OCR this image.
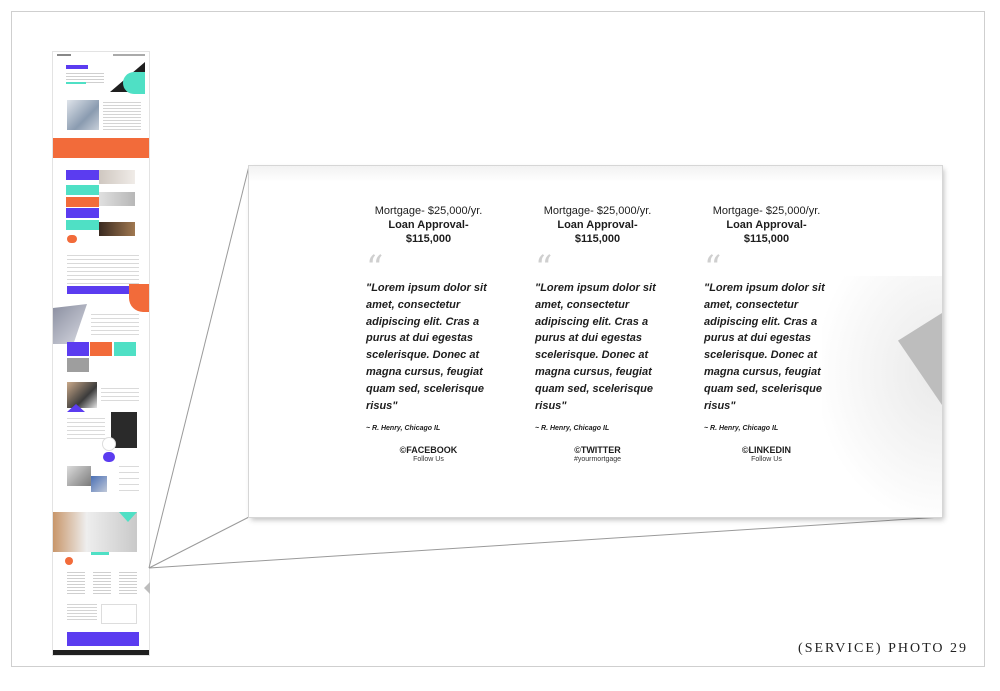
Mortgage- $25,000/yr.
Loan Approval- $115,000
“
"Lorem ipsum dolor sit amet, consectetur adipiscing elit. Cras a purus at dui egestas scelerisque. Donec at magna cursus, feugiat quam sed, scelerisque risus"
~ R. Henry, Chicago IL
©FACEBOOK
Follow Us
Mortgage- $25,000/yr.
Loan Approval- $115,000
“
"Lorem ipsum dolor sit amet, consectetur adipiscing elit. Cras a purus at dui egestas scelerisque. Donec at magna cursus, feugiat quam sed, scelerisque risus"
~ R. Henry, Chicago IL
©TWITTER
#yourmortgage
Mortgage- $25,000/yr.
Loan Approval- $115,000
“
"Lorem ipsum dolor sit amet, consectetur adipiscing elit. Cras a purus at dui egestas scelerisque. Donec at magna cursus, feugiat quam sed, scelerisque risus"
~ R. Henry, Chicago IL
©LINKEDIN
Follow Us
(SERVICE) PHOTO 29
